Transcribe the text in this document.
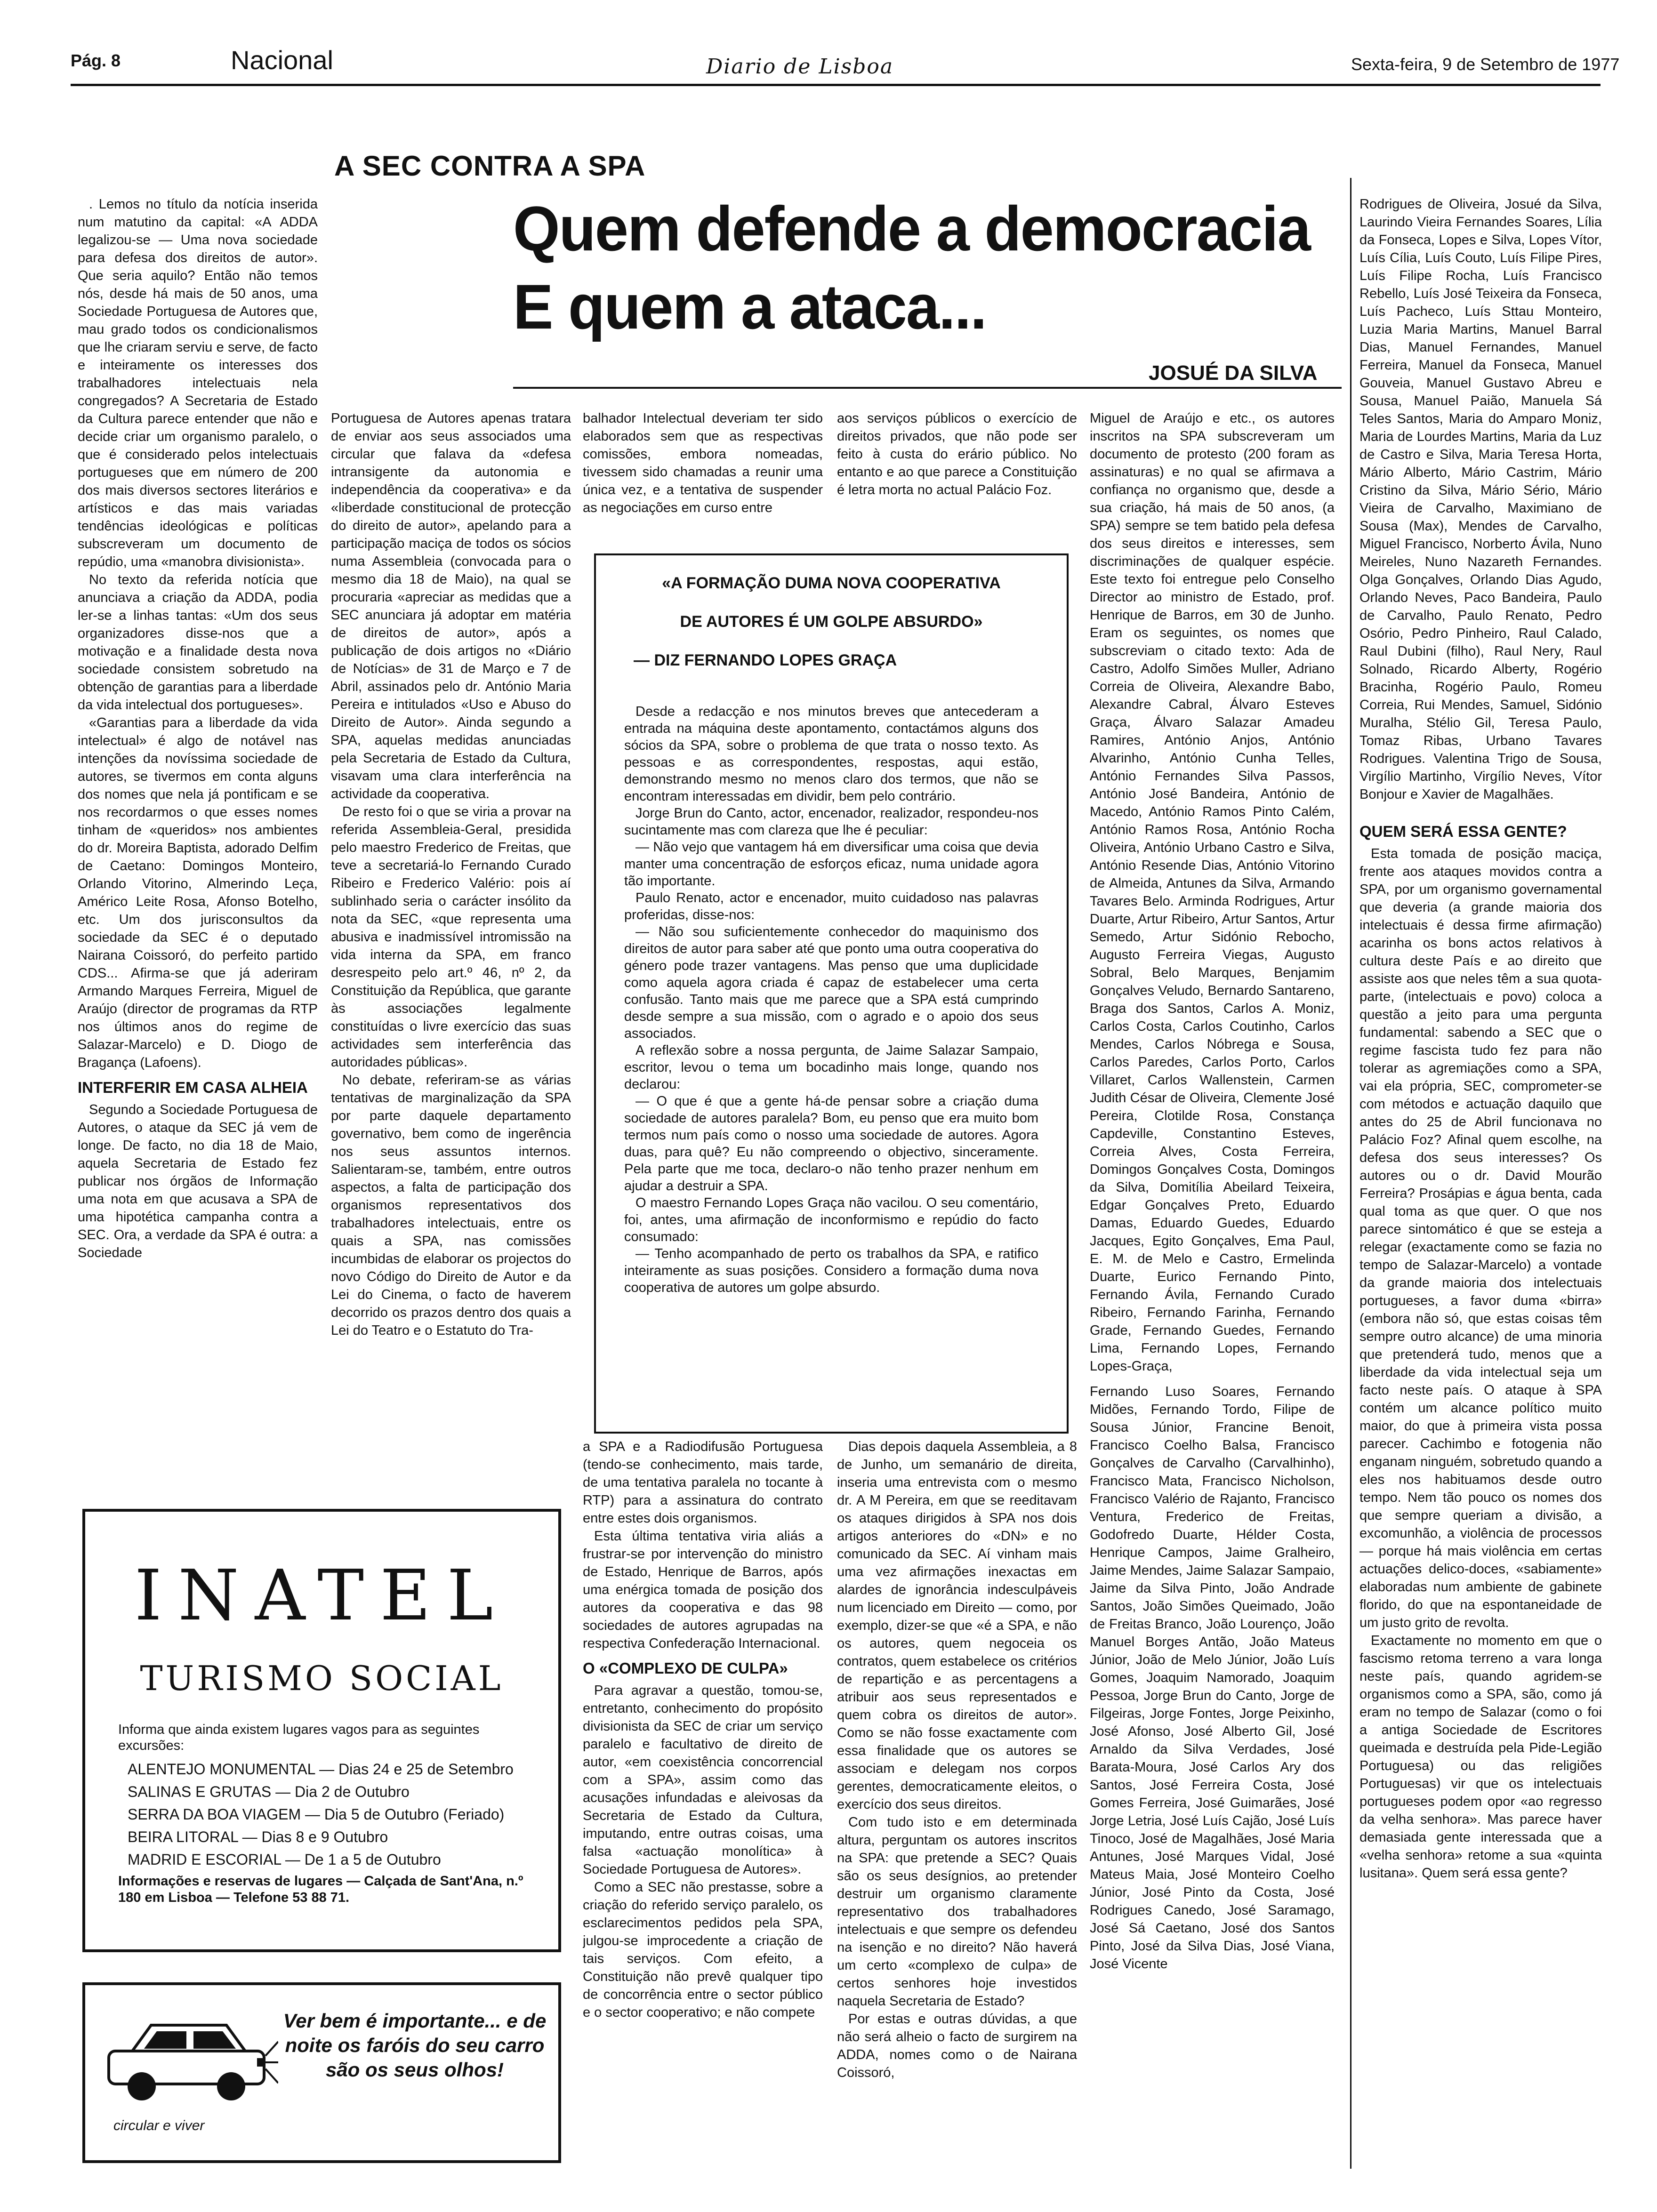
Pág. 8	Nacional	Diario de Lisboa	Sexta-feira, 9 de Setembro de 1977
A SEC CONTRA A SPA
Quem defende a democracia
E quem a ataca...
JOSUÉ DA SILVA

. Lemos no título da notícia inserida num matutino da capital: «A ADDA legalizou-se — Uma nova sociedade para defesa dos direitos de autor». Que seria aquilo? Então não temos nós, desde há mais de 50 anos, uma Sociedade Portuguesa de Autores que, mau grado todos os condicionalismos que lhe criaram serviu e serve, de facto e inteiramente os interesses dos trabalhadores intelectuais nela congregados? A Secretaria de Estado da Cultura parece entender que não e decide criar um organismo paralelo, o que é considerado pelos intelectuais portugueses que em número de 200 dos mais diversos sectores literários e artísticos e das mais variadas tendências ideológicas e políticas subscreveram um documento de repúdio, uma «manobra divisionista».

No texto da referida notícia que anunciava a criação da ADDA, podia ler-se a linhas tantas: «Um dos seus organizadores disse-nos que a motivação e a finalidade desta nova sociedade consistem sobretudo na obtenção de garantias para a liberdade da vida intelectual dos portugueses».

«Garantias para a liberdade da vida intelectual» é algo de notável nas intenções da novíssima sociedade de autores, se tivermos em conta alguns dos nomes que nela já pontificam e se nos recordarmos o que esses nomes tinham de «queridos» nos ambientes do dr. Moreira Baptista, adorado Delfim de Caetano: Domingos Monteiro, Orlando Vitorino, Almerindo Leça, Américo Leite Rosa, Afonso Botelho, etc. Um dos jurisconsultos da sociedade da SEC é o deputado Nairana Coissoró, do perfeito partido CDS... Afirma-se que já aderiram Armando Marques Ferreira, Miguel de Araújo (director de programas da RTP nos últimos anos do regime de Salazar-Marcelo) e D. Diogo de Bragança (Lafoens).

INTERFERIR EM CASA ALHEIA

Segundo a Sociedade Portuguesa de Autores, o ataque da SEC já vem de longe. De facto, no dia 18 de Maio, aquela Secretaria de Estado fez publicar nos órgãos de Informação uma nota em que acusava a SPA de uma hipotética campanha contra a SEC. Ora, a verdade da SPA é outra: a Sociedade

Portuguesa de Autores apenas tratara de enviar aos seus associados uma circular que falava da «defesa intransigente da autonomia e independência da cooperativa» e da «liberdade constitucional de protecção do direito de autor», apelando para a participação maciça de todos os sócios numa Assembleia (convocada para o mesmo dia 18 de Maio), na qual se procuraria «apreciar as medidas que a SEC anunciara já adoptar em matéria de direitos de autor», após a publicação de dois artigos no «Diário de Notícias» de 31 de Março e 7 de Abril, assinados pelo dr. António Maria Pereira e intitulados «Uso e Abuso do Direito de Autor». Ainda segundo a SPA, aquelas medidas anunciadas pela Secretaria de Estado da Cultura, visavam uma clara interferência na actividade da cooperativa.

De resto foi o que se viria a provar na referida Assembleia-Geral, presidida pelo maestro Frederico de Freitas, que teve a secretariá-lo Fernando Curado Ribeiro e Frederico Valério: pois aí sublinhado seria o carácter insólito da nota da SEC, «que representa uma abusiva e inadmissível intromissão na vida interna da SPA, em franco desrespeito pelo art.º 46, nº 2, da Constituição da República, que garante às associações legalmente constituídas o livre exercício das suas actividades sem interferência das autoridades públicas».

No debate, referiram-se as várias tentativas de marginalização da SPA por parte daquele departamento governativo, bem como de ingerência nos seus assuntos internos. Salientaram-se, também, entre outros aspectos, a falta de participação dos organismos representativos dos trabalhadores intelectuais, entre os quais a SPA, nas comissões incumbidas de elaborar os projectos do novo Código do Direito de Autor e da Lei do Cinema, o facto de haverem decorrido os prazos dentro dos quais a Lei do Teatro e o Estatuto do Tra-

balhador Intelectual deveriam ter sido elaborados sem que as respectivas comissões, embora nomeadas, tivessem sido chamadas a reunir uma única vez, e a tentativa de suspender as negociações em curso entre

aos serviços públicos o exercício de direitos privados, que não pode ser feito à custa do erário público. No entanto e ao que parece a Constituição é letra morta no actual Palácio Foz.

«A FORMAÇÃO DUMA NOVA COOPERATIVA
DE AUTORES É UM GOLPE ABSURDO»
— DIZ FERNANDO LOPES GRAÇA

Desde a redacção e nos minutos breves que antecederam a entrada na máquina deste apontamento, contactámos alguns dos sócios da SPA, sobre o problema de que trata o nosso texto. As pessoas e as correspondentes, respostas, aqui estão, demonstrando mesmo no menos claro dos termos, que não se encontram interessadas em dividir, bem pelo contrário.

Jorge Brun do Canto, actor, encenador, realizador, respondeu-nos sucintamente mas com clareza que lhe é peculiar:

— Não vejo que vantagem há em diversificar uma coisa que devia manter uma concentração de esforços eficaz, numa unidade agora tão importante.

Paulo Renato, actor e encenador, muito cuidadoso nas palavras proferidas, disse-nos:

— Não sou suficientemente conhecedor do maquinismo dos direitos de autor para saber até que ponto uma outra cooperativa do género pode trazer vantagens. Mas penso que uma duplicidade como aquela agora criada é capaz de estabelecer uma certa confusão. Tanto mais que me parece que a SPA está cumprindo desde sempre a sua missão, com o agrado e o apoio dos seus associados.

A reflexão sobre a nossa pergunta, de Jaime Salazar Sampaio, escritor, levou o tema um bocadinho mais longe, quando nos declarou:

— O que é que a gente há-de pensar sobre a criação duma sociedade de autores paralela? Bom, eu penso que era muito bom termos num país como o nosso uma sociedade de autores. Agora duas, para quê? Eu não compreendo o objectivo, sinceramente. Pela parte que me toca, declaro-o não tenho prazer nenhum em ajudar a destruir a SPA.

O maestro Fernando Lopes Graça não vacilou. O seu comentário, foi, antes, uma afirmação de inconformismo e repúdio do facto consumado:

— Tenho acompanhado de perto os trabalhos da SPA, e ratifico inteiramente as suas posições. Considero a formação duma nova cooperativa de autores um golpe absurdo.

a SPA e a Radiodifusão Portuguesa (tendo-se conhecimento, mais tarde, de uma tentativa paralela no tocante à RTP) para a assinatura do contrato entre estes dois organismos.

Esta última tentativa viria aliás a frustrar-se por intervenção do ministro de Estado, Henrique de Barros, após uma enérgica tomada de posição dos autores da cooperativa e das 98 sociedades de autores agrupadas na respectiva Confederação Internacional.

O «COMPLEXO DE CULPA»

Para agravar a questão, tomou-se, entretanto, conhecimento do propósito divisionista da SEC de criar um serviço paralelo e facultativo de direito de autor, «em coexistência concorrencial com a SPA», assim como das acusações infundadas e aleivosas da Secretaria de Estado da Cultura, imputando, entre outras coisas, uma falsa «actuação monolítica» à Sociedade Portuguesa de Autores».

Como a SEC não prestasse, sobre a criação do referido serviço paralelo, os esclarecimentos pedidos pela SPA, julgou-se improcedente a criação de tais serviços. Com efeito, a Constituição não prevê qualquer tipo de concorrência entre o sector público e o sector cooperativo; e não compete

Dias depois daquela Assembleia, a 8 de Junho, um semanário de direita, inseria uma entrevista com o mesmo dr. A M Pereira, em que se reeditavam os ataques dirigidos à SPA nos dois artigos anteriores do «DN» e no comunicado da SEC. Aí vinham mais uma vez afirmações inexactas em alardes de ignorância indesculpáveis num licenciado em Direito — como, por exemplo, dizer-se que «é a SPA, e não os autores, quem negoceia os contratos, quem estabelece os critérios de repartição e as percentagens a atribuir aos seus representados e quem cobra os direitos de autor». Como se não fosse exactamente com essa finalidade que os autores se associam e delegam nos corpos gerentes, democraticamente eleitos, o exercício dos seus direitos.

Com tudo isto e em determinada altura, perguntam os autores inscritos na SPA: que pretende a SEC? Quais são os seus desígnios, ao pretender destruir um organismo claramente representativo dos trabalhadores intelectuais e que sempre os defendeu na isenção e no direito? Não haverá um certo «complexo de culpa» de certos senhores hoje investidos naquela Secretaria de Estado?

Por estas e outras dúvidas, a que não será alheio o facto de surgirem na ADDA, nomes como o de Nairana Coissoró,

Miguel de Araújo e etc., os autores inscritos na SPA subscreveram um documento de protesto (200 foram as assinaturas) e no qual se afirmava a confiança no organismo que, desde a sua criação, há mais de 50 anos, (a SPA) sempre se tem batido pela defesa dos seus direitos e interesses, sem discriminações de qualquer espécie. Este texto foi entregue pelo Conselho Director ao ministro de Estado, prof. Henrique de Barros, em 30 de Junho. Eram os seguintes, os nomes que subscreviam o citado texto: Ada de Castro, Adolfo Simões Muller, Adriano Correia de Oliveira, Alexandre Babo, Alexandre Cabral, Álvaro Esteves Graça, Álvaro Salazar Amadeu Ramires, António Anjos, António Alvarinho, António Cunha Telles, António Fernandes Silva Passos, António José Bandeira, António de Macedo, António Ramos Pinto Calém, António Ramos Rosa, António Rocha Oliveira, António Urbano Castro e Silva, António Resende Dias, António Vitorino de Almeida, Antunes da Silva, Armando Tavares Belo. Arminda Rodrigues, Artur Duarte, Artur Ribeiro, Artur Santos, Artur Semedo, Artur Sidónio Rebocho, Augusto Ferreira Viegas, Augusto Sobral, Belo Marques, Benjamim Gonçalves Veludo, Bernardo Santareno, Braga dos Santos, Carlos A. Moniz, Carlos Costa, Carlos Coutinho, Carlos Mendes, Carlos Nóbrega e Sousa, Carlos Paredes, Carlos Porto, Carlos Villaret, Carlos Wallenstein, Carmen Judith César de Oliveira, Clemente José Pereira, Clotilde Rosa, Constança Capdeville, Constantino Esteves, Correia Alves, Costa Ferreira, Domingos Gonçalves Costa, Domingos da Silva, Domitília Abeilard Teixeira, Edgar Gonçalves Preto, Eduardo Damas, Eduardo Guedes, Eduardo Jacques, Egito Gonçalves, Ema Paul, E. M. de Melo e Castro, Ermelinda Duarte, Eurico Fernando Pinto, Fernando Ávila, Fernando Curado Ribeiro, Fernando Farinha, Fernando Grade, Fernando Guedes, Fernando Lima, Fernando Lopes, Fernando Lopes-Graça,

Fernando Luso Soares, Fernando Midões, Fernando Tordo, Filipe de Sousa Júnior, Francine Benoit, Francisco Coelho Balsa, Francisco Gonçalves de Carvalho (Carvalhinho), Francisco Mata, Francisco Nicholson, Francisco Valério de Rajanto, Francisco Ventura, Frederico de Freitas, Godofredo Duarte, Hélder Costa, Henrique Campos, Jaime Gralheiro, Jaime Mendes, Jaime Salazar Sampaio, Jaime da Silva Pinto, João Andrade Santos, João Simões Queimado, João de Freitas Branco, João Lourenço, João Manuel Borges Antão, João Mateus Júnior, João de Melo Júnior, João Luís Gomes, Joaquim Namorado, Joaquim Pessoa, Jorge Brun do Canto, Jorge de Filgeiras, Jorge Fontes, Jorge Peixinho, José Afonso, José Alberto Gil, José Arnaldo da Silva Verdades, José Barata-Moura, José Carlos Ary dos Santos, José Ferreira Costa, José Gomes Ferreira, José Guimarães, José Jorge Letria, José Luís Cajão, José Luís Tinoco, José de Magalhães, José Maria Antunes, José Marques Vidal, José Mateus Maia, José Monteiro Coelho Júnior, José Pinto da Costa, José Rodrigues Canedo, José Saramago, José Sá Caetano, José dos Santos Pinto, José da Silva Dias, José Viana, José Vicente

Rodrigues de Oliveira, Josué da Silva, Laurindo Vieira Fernandes Soares, Lília da Fonseca, Lopes e Silva, Lopes Vítor, Luís Cília, Luís Couto, Luís Filipe Pires, Luís Filipe Rocha, Luís Francisco Rebello, Luís José Teixeira da Fonseca, Luís Pacheco, Luís Sttau Monteiro, Luzia Maria Martins, Manuel Barral Dias, Manuel Fernandes, Manuel Ferreira, Manuel da Fonseca, Manuel Gouveia, Manuel Gustavo Abreu e Sousa, Manuel Paião, Manuela Sá Teles Santos, Maria do Amparo Moniz, Maria de Lourdes Martins, Maria da Luz de Castro e Silva, Maria Teresa Horta, Mário Alberto, Mário Castrim, Mário Cristino da Silva, Mário Sério, Mário Vieira de Carvalho, Maximiano de Sousa (Max), Mendes de Carvalho, Miguel Francisco, Norberto Ávila, Nuno Meireles, Nuno Nazareth Fernandes. Olga Gonçalves, Orlando Dias Agudo, Orlando Neves, Paco Bandeira, Paulo de Carvalho, Paulo Renato, Pedro Osório, Pedro Pinheiro, Raul Calado, Raul Dubini (filho), Raul Nery, Raul Solnado, Ricardo Alberty, Rogério Bracinha, Rogério Paulo, Romeu Correia, Rui Mendes, Samuel, Sidónio Muralha, Stélio Gil, Teresa Paulo, Tomaz Ribas, Urbano Tavares Rodrigues. Valentina Trigo de Sousa, Virgílio Martinho, Virgílio Neves, Vítor Bonjour e Xavier de Magalhães.

QUEM SERÁ ESSA GENTE?

Esta tomada de posição maciça, frente aos ataques movidos contra a SPA, por um organismo governamental que deveria (a grande maioria dos intelectuais é dessa firme afirmação) acarinha os bons actos relativos à cultura deste País e ao direito que assiste aos que neles têm a sua quota-parte, (intelectuais e povo) coloca a questão a jeito para uma pergunta fundamental: sabendo a SEC que o regime fascista tudo fez para não tolerar as agremiações como a SPA, vai ela própria, SEC, comprometer-se com métodos e actuação daquilo que antes do 25 de Abril funcionava no Palácio Foz? Afinal quem escolhe, na defesa dos seus interesses? Os autores ou o dr. David Mourão Ferreira? Prosápias e água benta, cada qual toma as que quer. O que nos parece sintomático é que se esteja a relegar (exactamente como se fazia no tempo de Salazar-Marcelo) a vontade da grande maioria dos intelectuais portugueses, a favor duma «birra» (embora não só, que estas coisas têm sempre outro alcance) de uma minoria que pretenderá tudo, menos que a liberdade da vida intelectual seja um facto neste país. O ataque à SPA contém um alcance político muito maior, do que à primeira vista possa parecer. Cachimbo e fotogenia não enganam ninguém, sobretudo quando a eles nos habituamos desde outro tempo. Nem tão pouco os nomes dos que sempre queriam a divisão, a excomunhão, a violência de processos — porque há mais violência em certas actuações delico-doces, «sabiamente» elaboradas num ambiente de gabinete florido, do que na espontaneidade de um justo grito de revolta.

Exactamente no momento em que o fascismo retoma terreno a vara longa neste país, quando agridem-se organismos como a SPA, são, como já eram no tempo de Salazar (como o foi a antiga Sociedade de Escritores queimada e destruída pela Pide-Legião Portuguesa) ou das religiões Portuguesas) vir que os intelectuais portugueses podem opor «ao regresso da velha senhora». Mas parece haver demasiada gente interessada que a «velha senhora» retome a sua «quinta lusitana». Quem será essa gente?

INATEL
TURISMO SOCIAL
Informa que ainda existem lugares vagos para as seguintes excursões:
ALENTEJO MONUMENTAL — Dias 24 e 25 de Setembro
SALINAS E GRUTAS — Dia 2 de Outubro
SERRA DA BOA VIAGEM — Dia 5 de Outubro (Feriado)
BEIRA LITORAL — Dias 8 e 9 Outubro
MADRID E ESCORIAL — De 1 a 5 de Outubro
Informações e reservas de lugares — Calçada de Sant'Ana, n.º 180 em Lisboa — Telefone 53 88 71.
Ver bem é importante... e de noite os faróis do seu carro são os seus olhos!
circular e viver
